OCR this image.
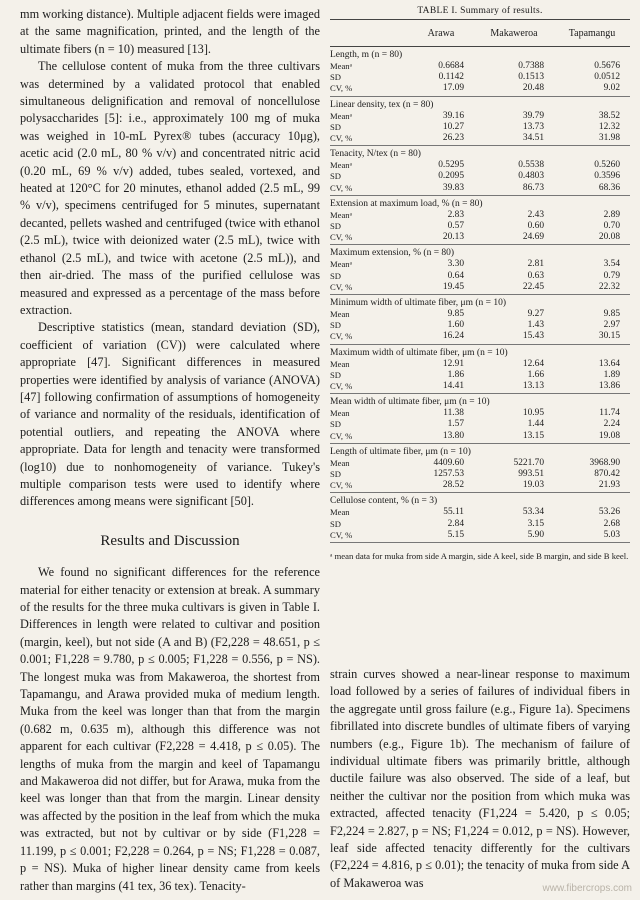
mm working distance). Multiple adjacent fields were imaged at the same magnification, printed, and the length of the ultimate fibers (n = 10) measured [13].

The cellulose content of muka from the three cultivars was determined by a validated protocol that enabled simultaneous delignification and removal of noncellulose polysaccharides [5]: i.e., approximately 100 mg of muka was weighed in 10-mL Pyrex® tubes (accuracy 10μg), acetic acid (2.0 mL, 80 % v/v) and concentrated nitric acid (0.20 mL, 69 % v/v) added, tubes sealed, vortexed, and heated at 120°C for 20 minutes, ethanol added (2.5 mL, 99 % v/v), specimens centrifuged for 5 minutes, supernatant decanted, pellets washed and centrifuged (twice with ethanol (2.5 mL), twice with deionized water (2.5 mL), twice with ethanol (2.5 mL), and twice with acetone (2.5 mL)), and then air-dried. The mass of the purified cellulose was measured and expressed as a percentage of the mass before extraction.

Descriptive statistics (mean, standard deviation (SD), coefficient of variation (CV)) were calculated where appropriate [47]. Significant differences in measured properties were identified by analysis of variance (ANOVA) [47] following confirmation of assumptions of homogeneity of variance and normality of the residuals, identification of potential outliers, and repeating the ANOVA where appropriate. Data for length and tenacity were transformed (log10) due to nonhomogeneity of variance. Tukey's multiple comparison tests were used to identify where differences among means were significant [50].

Results and Discussion

We found no significant differences for the reference material for either tenacity or extension at break. A summary of the results for the three muka cultivars is given in Table I. Differences in length were related to cultivar and position (margin, keel), but not side (A and B) (F2,228 = 48.651, p ≤ 0.001; F1,228 = 9.780, p ≤ 0.005; F1,228 = 0.556, p = NS). The longest muka was from Makaweroa, the shortest from Tapamangu, and Arawa provided muka of medium length. Muka from the keel was longer than that from the margin (0.682 m, 0.635 m), although this difference was not apparent for each cultivar (F2,228 = 4.418, p ≤ 0.05). The lengths of muka from the margin and keel of Tapamangu and Makaweroa did not differ, but for Arawa, muka from the keel was longer than that from the margin. Linear density was affected by the position in the leaf from which the muka was extracted, but not by cultivar or by side (F1,228 = 11.199, p ≤ 0.001; F2,228 = 0.264, p = NS; F1,228 = 0.087, p = NS). Muka of higher linear density came from keels rather than margins (41 tex, 36 tex). Tenacity-

TABLE I. Summary of results.
Arawa	Makaweroa	Tapamangu
Length, m (n = 80)
Meanᵃ	0.6684	0.7388	0.5676
SD	0.1142	0.1513	0.0512
CV, %	17.09	20.48	9.02
Linear density, tex (n = 80)
Meanᵃ	39.16	39.79	38.52
SD	10.27	13.73	12.32
CV, %	26.23	34.51	31.98
Tenacity, N/tex (n = 80)
Meanᵃ	0.5295	0.5538	0.5260
SD	0.2095	0.4803	0.3596
CV, %	39.83	86.73	68.36
Extension at maximum load, % (n = 80)
Meanᵃ	2.83	2.43	2.89
SD	0.57	0.60	0.70
CV, %	20.13	24.69	20.08
Maximum extension, % (n = 80)
Meanᵃ	3.30	2.81	3.54
SD	0.64	0.63	0.79
CV, %	19.45	22.45	22.32
Minimum width of ultimate fiber, μm (n = 10)
Mean	9.85	9.27	9.85
SD	1.60	1.43	2.97
CV, %	16.24	15.43	30.15
Maximum width of ultimate fiber, μm (n = 10)
Mean	12.91	12.64	13.64
SD	1.86	1.66	1.89
CV, %	14.41	13.13	13.86
Mean width of ultimate fiber, μm (n = 10)
Mean	11.38	10.95	11.74
SD	1.57	1.44	2.24
CV, %	13.80	13.15	19.08
Length of ultimate fiber, μm (n = 10)
Mean	4409.60	5221.70	3968.90
SD	1257.53	993.51	870.42
CV, %	28.52	19.03	21.93
Cellulose content, % (n = 3)
Mean	55.11	53.34	53.26
SD	2.84	3.15	2.68
CV, %	5.15	5.90	5.03
ᵃ mean data for muka from side A margin, side A keel, side B margin, and side B keel.

strain curves showed a near-linear response to maximum load followed by a series of failures of individual fibers in the aggregate until gross failure (e.g., Figure 1a). Specimens fibrillated into discrete bundles of ultimate fibers of varying numbers (e.g., Figure 1b). The mechanism of failure of individual ultimate fibers was primarily brittle, although ductile failure was also observed. The side of a leaf, but neither the cultivar nor the position from which muka was extracted, affected tenacity (F1,224 = 5.420, p ≤ 0.05; F2,224 = 2.827, p = NS; F1,224 = 0.012, p = NS). However, leaf side affected tenacity differently for the cultivars (F2,224 = 4.816, p ≤ 0.01); the tenacity of muka from side A of Makaweroa was	www.fibercrops.com
